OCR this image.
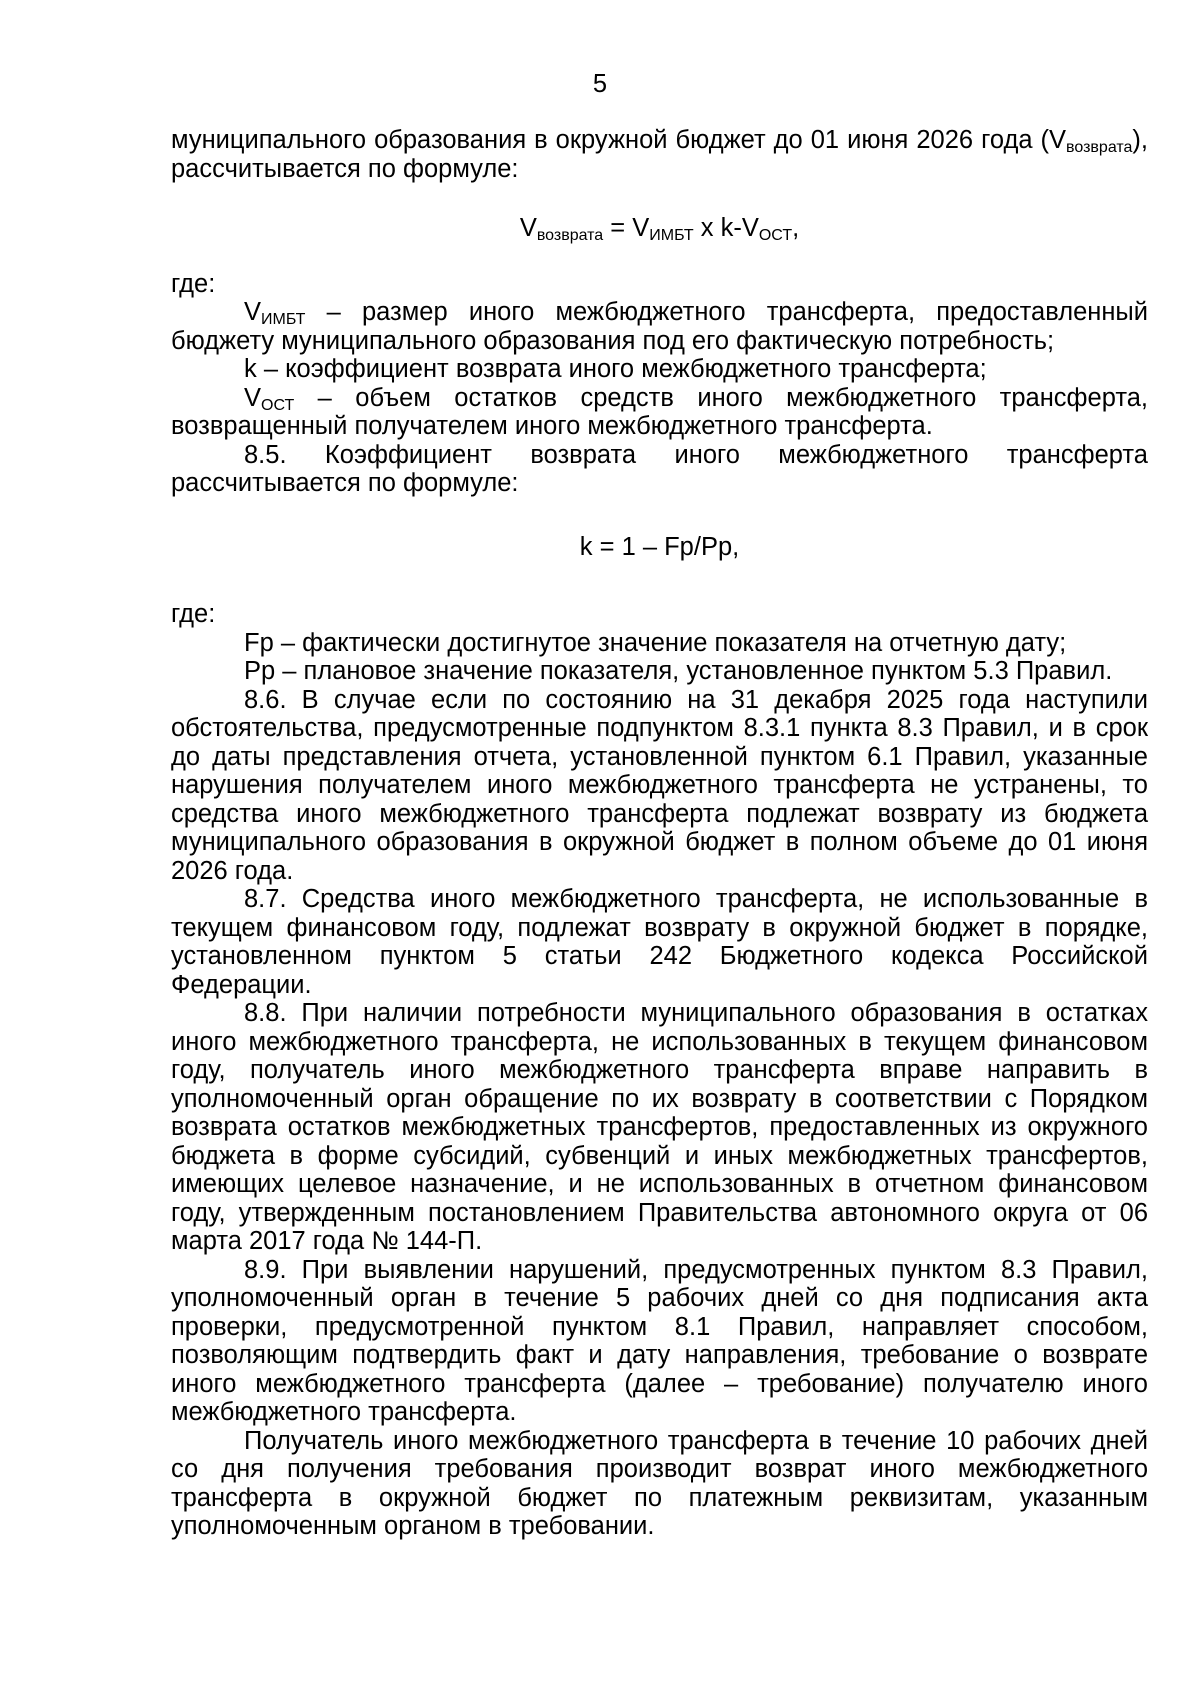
5

муниципального образования в окружной бюджет до 01 июня 2026 года $(V_{возврата})$, рассчитывается по формуле:

$V_{возврата} = V_{ИМБТ}$ x $k-V_{ОСТ}$,

где:

$V_{ИМБТ}$ – размер иного межбюджетного трансферта, предоставленный бюджету муниципального образования под его фактическую потребность;

k – коэффициент возврата иного межбюджетного трансферта;

$V_{ОСТ}$ – объем остатков средств иного межбюджетного трансферта, возвращенный получателем иного межбюджетного трансферта.

8.5. Коэффициент возврата иного межбюджетного трансферта рассчитывается по формуле:

k = 1 – Fp/Pp,

где:

Fp – фактически достигнутое значение показателя на отчетную дату;

Pp – плановое значение показателя, установленное пунктом 5.3 Правил.

8.6. В случае если по состоянию на 31 декабря 2025 года наступили обстоятельства, предусмотренные подпунктом 8.3.1 пункта 8.3 Правил, и в срок до даты представления отчета, установленной пунктом 6.1 Правил, указанные нарушения получателем иного межбюджетного трансферта не устранены, то средства иного межбюджетного трансферта подлежат возврату из бюджета муниципального образования в окружной бюджет в полном объеме до 01 июня 2026 года.

8.7. Средства иного межбюджетного трансферта, не использованные в текущем финансовом году, подлежат возврату в окружной бюджет в порядке, установленном пунктом 5 статьи 242 Бюджетного кодекса Российской Федерации.

8.8. При наличии потребности муниципального образования в остатках иного межбюджетного трансферта, не использованных в текущем финансовом году, получатель иного межбюджетного трансферта вправе направить в уполномоченный орган обращение по их возврату в соответствии с Порядком возврата остатков межбюджетных трансфертов, предоставленных из окружного бюджета в форме субсидий, субвенций и иных межбюджетных трансфертов, имеющих целевое назначение, и не использованных в отчетном финансовом году, утвержденным постановлением Правительства автономного округа от 06 марта 2017 года № 144-П.

8.9. При выявлении нарушений, предусмотренных пунктом 8.3 Правил, уполномоченный орган в течение 5 рабочих дней со дня подписания акта проверки, предусмотренной пунктом 8.1 Правил, направляет способом, позволяющим подтвердить факт и дату направления, требование о возврате иного межбюджетного трансферта (далее – требование) получателю иного межбюджетного трансферта.

Получатель иного межбюджетного трансферта в течение 10 рабочих дней со дня получения требования производит возврат иного межбюджетного трансферта в окружной бюджет по платежным реквизитам, указанным уполномоченным органом в требовании.
